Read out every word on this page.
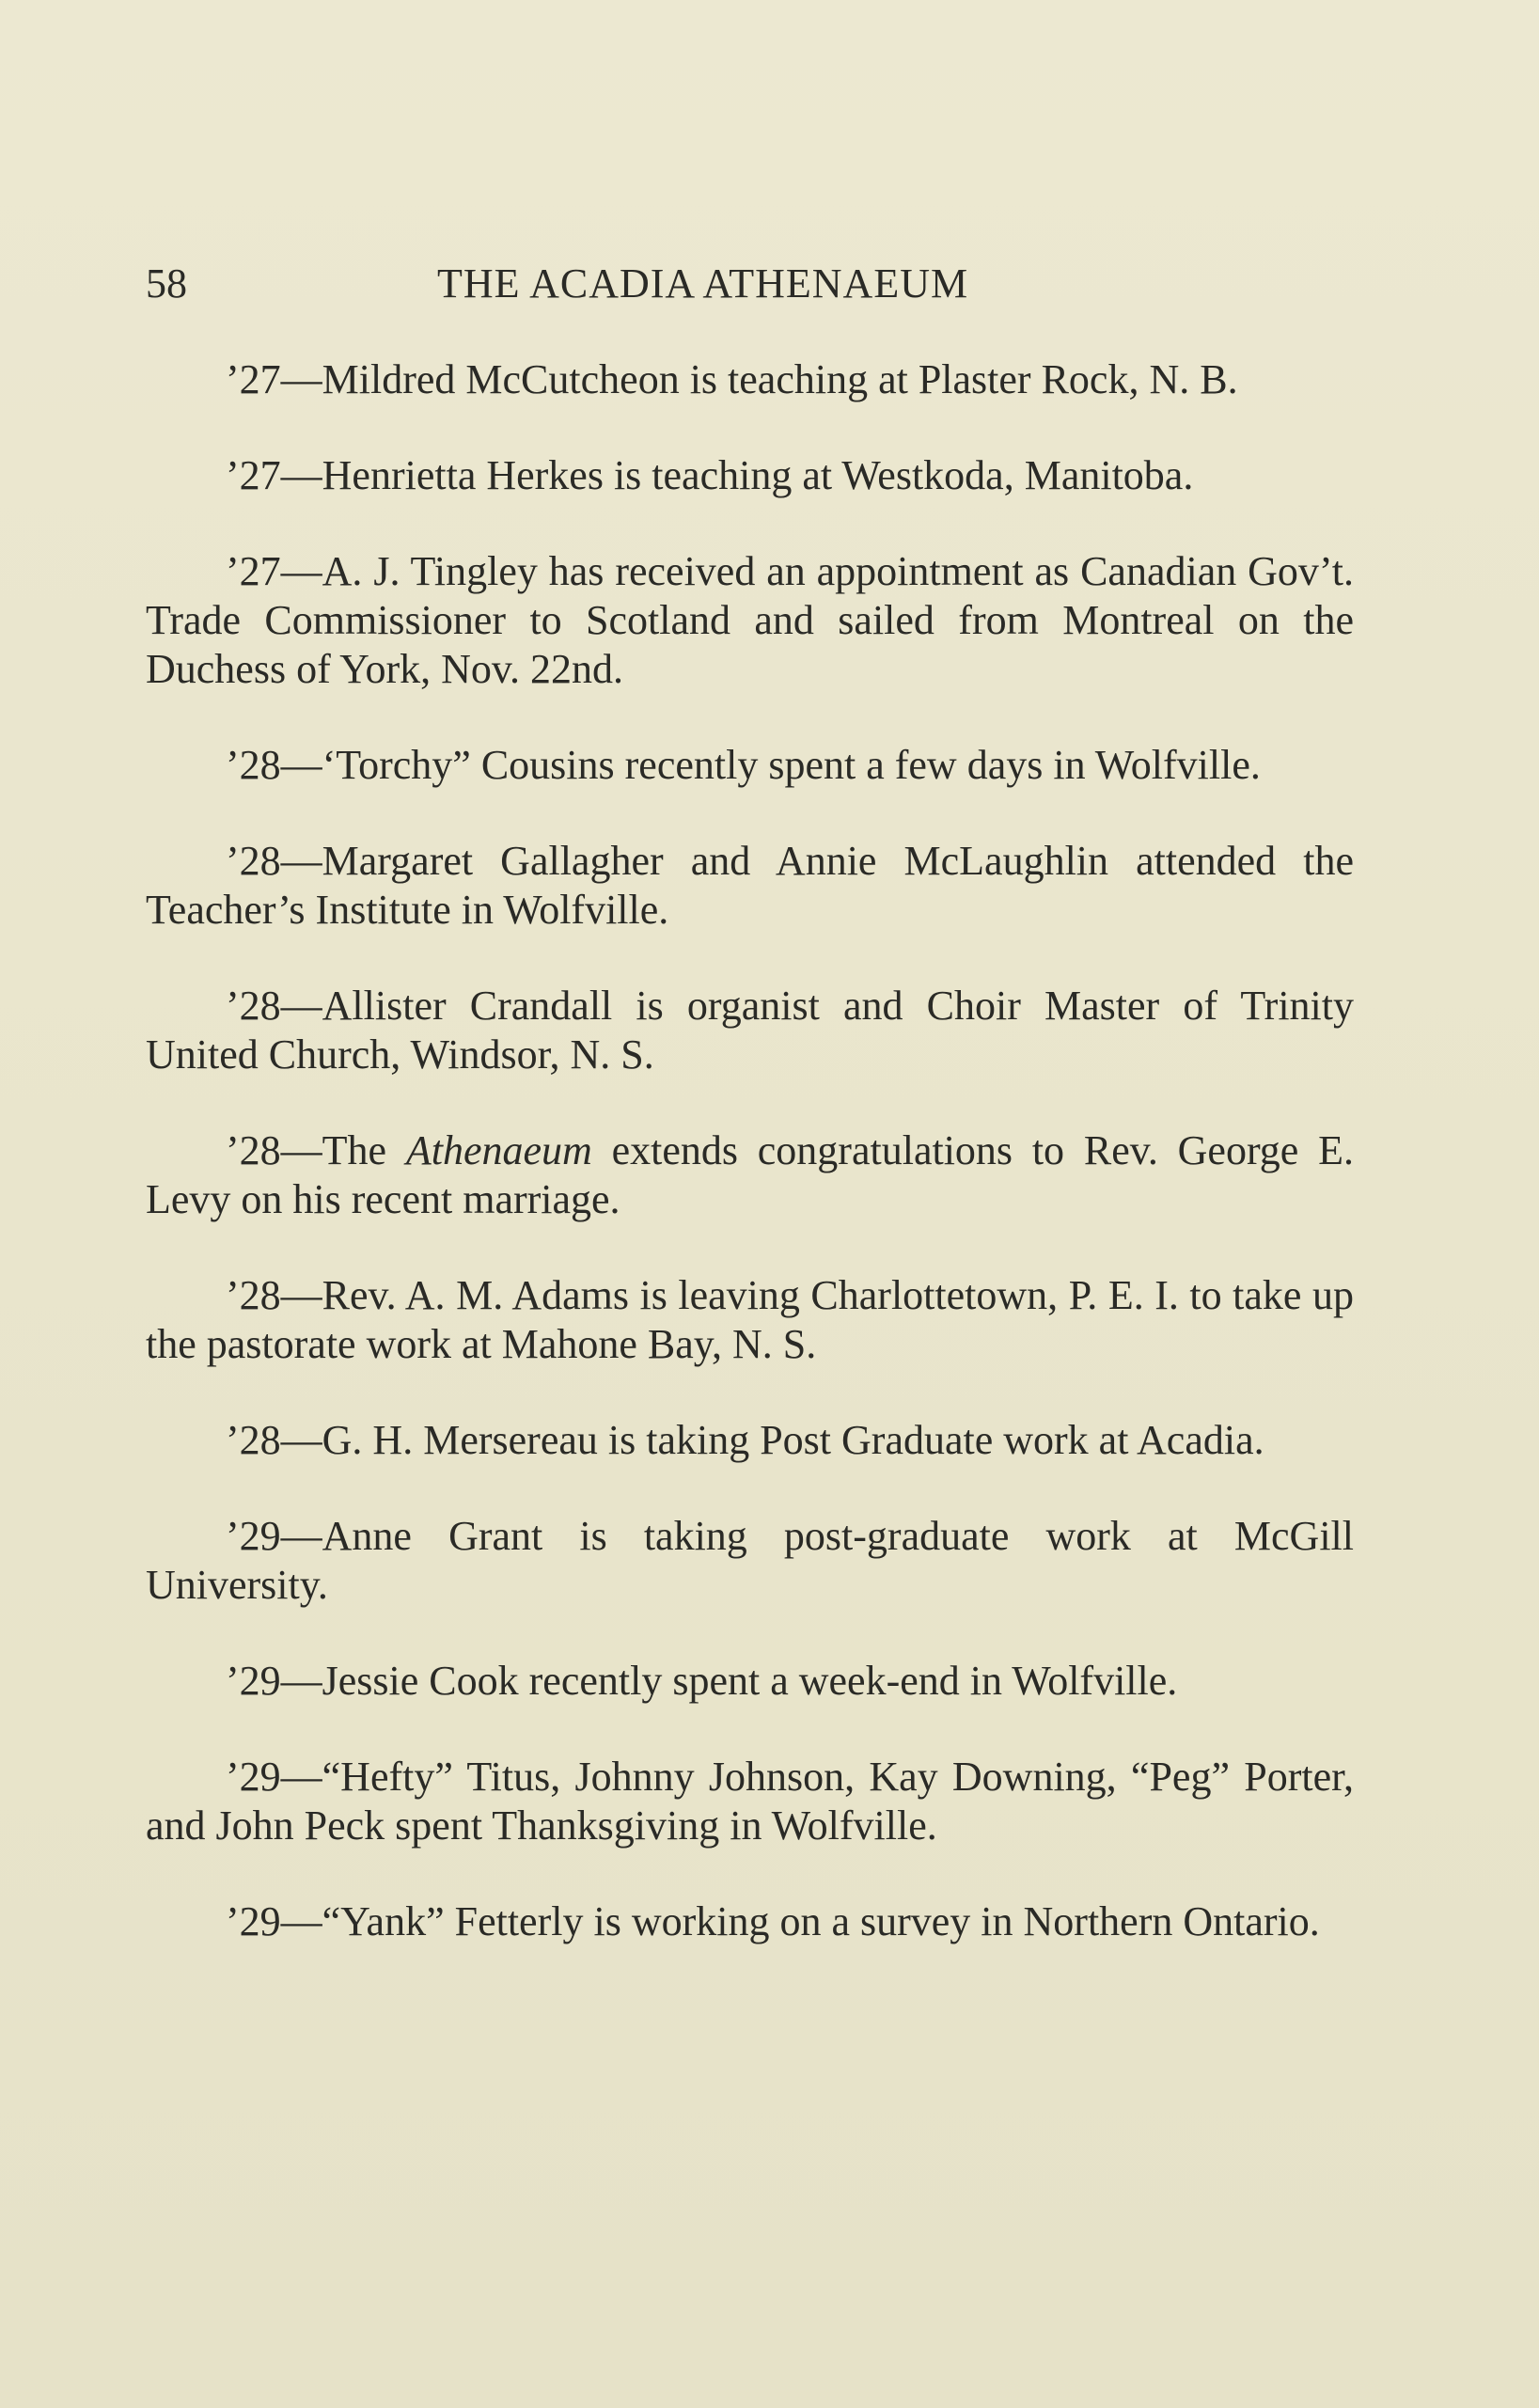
58	THE ACADIA ATHENAEUM

’27—Mildred McCutcheon is teaching at Plaster Rock, N. B.

’27—Henrietta Herkes is teaching at Westkoda, Manitoba.

’27—A. J. Tingley has received an appointment as Canadian Gov’t. Trade Commissioner to Scotland and sailed from Montreal on the Duchess of York, Nov. 22nd.

’28—‘Torchy” Cousins recently spent a few days in Wolfville.

’28—Margaret Gallagher and Annie McLaughlin attended the Teacher’s Institute in Wolfville.

’28—Allister Crandall is organist and Choir Master of Trinity United Church, Windsor, N. S.

’28—The Athenaeum extends congratulations to Rev. George E. Levy on his recent marriage.

’28—Rev. A. M. Adams is leaving Charlottetown, P. E. I. to take up the pastorate work at Mahone Bay, N. S.

’28—G. H. Mersereau is taking Post Graduate work at Acadia.

’29—Anne Grant is taking post-graduate work at McGill University.

’29—Jessie Cook recently spent a week-end in Wolfville.

’29—“Hefty” Titus, Johnny Johnson, Kay Downing, “Peg” Porter, and John Peck spent Thanksgiving in Wolfville.

’29—“Yank” Fetterly is working on a survey in Northern Ontario.
